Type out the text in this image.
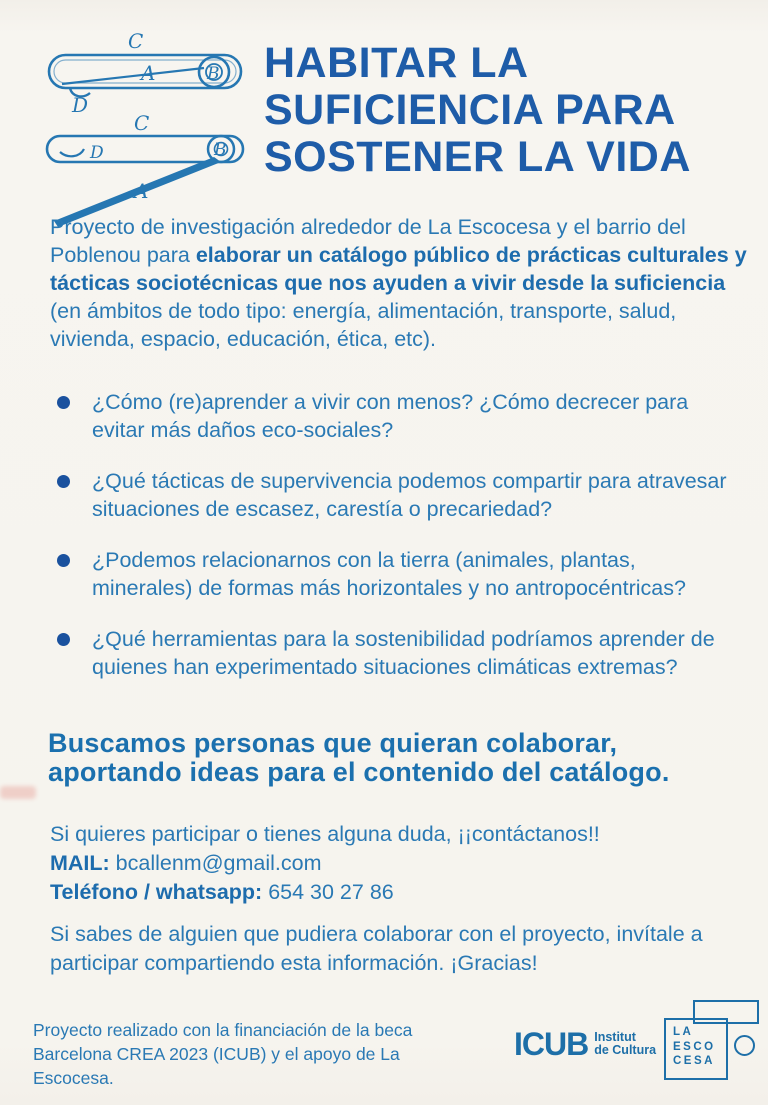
C
A	B
D
C
D	B
A
HABITAR LA
SUFICIENCIA PARA
SOSTENER LA VIDA

Proyecto de investigación alrededor de La Escocesa y el barrio del Poblenou para elaborar un catálogo público de prácticas culturales y tácticas sociotécnicas que nos ayuden a vivir desde la suficiencia (en ámbitos de todo tipo: energía, alimentación, transporte, salud, vivienda, espacio, educación, ética, etc).

¿Cómo (re)aprender a vivir con menos? ¿Cómo decrecer para evitar más daños eco-sociales?
¿Qué tácticas de supervivencia podemos compartir para atravesar situaciones de escasez, carestía o precariedad?
¿Podemos relacionarnos con la tierra (animales, plantas, minerales) de formas más horizontales y no antropocéntricas?
¿Qué herramientas para la sostenibilidad podríamos aprender de quienes han experimentado situaciones climáticas extremas?
Buscamos personas que quieran colaborar,
aportando ideas para el contenido del catálogo.
Si quieres participar o tienes alguna duda, ¡¡contáctanos!!
MAIL: bcallenm@gmail.com
Teléfono / whatsapp: 654 30 27 86

Si sabes de alguien que pudiera colaborar con el proyecto, invítale a participar compartiendo esta información. ¡Gracias!

Proyecto realizado con la financiación de la beca
Barcelona CREA 2023 (ICUB) y el apoyo de La Escocesa.
ICUB Institut
de Cultura
LA
ESCO
CESA
